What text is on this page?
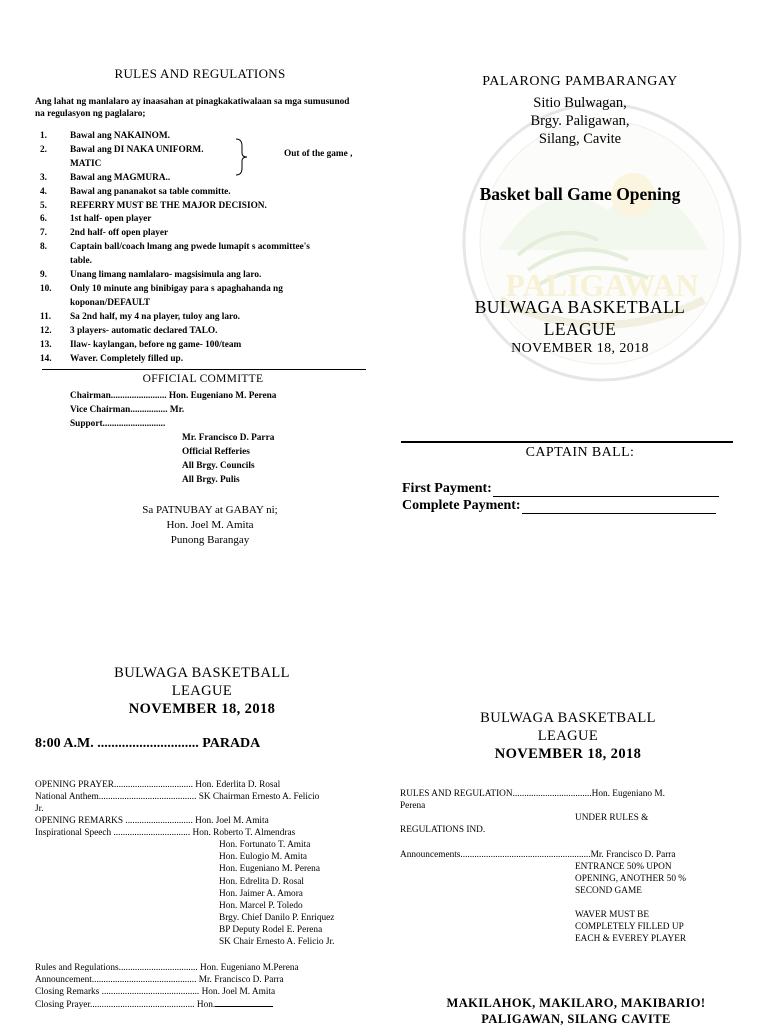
RULES AND REGULATIONS
Ang lahat ng manlalaro ay inaasahan at pinagkakatiwalaan sa mga sumusunod na regulasyon ng paglalaro;
1.	Bawal ang NAKAINOM.
2.	Bawal ang DI NAKA UNIFORM.
MATIC
3.	Bawal ang MAGMURA..
4.	Bawal ang pananakot sa table committe.
5.	REFERRY MUST BE THE MAJOR DECISION.
6.	1st half- open player
7.	2nd half- off open player
8.	Captain ball/coach lmang ang pwede lumapit s acommittee's
table.
9.	Unang limang namlalaro- magsisimula ang laro.
10.	Only 10 minute ang binibigay para s apaghahanda ng
koponan/DEFAULT
11.	Sa 2nd half, my 4 na player, tuloy ang laro.
12.	3 players- automatic declared TALO.
13.	Ilaw- kaylangan, before ng game- 100/team
14.	Waver. Completely filled up.
Out of the game ,
OFFICIAL COMMITTE
Chairman........................ Hon. Eugeniano M. Perena
Vice Chairman................ Mr.
Support...........................
Mr. Francisco D. Parra
Official Refferies
All Brgy. Councils
All Brgy. Pulis
Sa PATNUBAY at GABAY ni;
Hon. Joel M. Amita
Punong Barangay
PALIGAWAN
PALARONG PAMBARANGAY
Sitio Bulwagan,
Brgy. Paligawan,
Silang, Cavite
Basket ball Game Opening
BULWAGA BASKETBALL
LEAGUE
NOVEMBER 18, 2018
CAPTAIN BALL:
First Payment:
Complete Payment:
BULWAGA BASKETBALL
LEAGUE
NOVEMBER 18, 2018
8:00 A.M. ............................. PARADA
OPENING PRAYER.................................. Hon. Ederlita D. Rosal
National Anthem.......................................... SK Chairman Ernesto A. Felicio
Jr.
OPENING REMARKS ............................. Hon. Joel M. Amita
Inspirational Speech ................................. Hon. Roberto T. Almendras
Hon. Fortunato T. Amita
Hon. Eulogio M. Amita
Hon. Eugeniano M. Perena
Hon. Edrelita D. Rosal
Hon. Jaimer A. Amora
Hon. Marcel P. Toledo
Brgy. Chief Danilo P. Enriquez
BP Deputy Rodel E. Perena
SK Chair Ernesto A. Felicio Jr.
Rules and Regulations.................................. Hon. Eugeniano M.Perena
Announcement............................................. Mr. Francisco D. Parra
Closing Remarks .......................................... Hon. Joel M. Amita
Closing Prayer............................................. Hon.
BULWAGA BASKETBALL
LEAGUE
NOVEMBER 18, 2018
RULES AND REGULATION..................................Hon. Eugeniano M.
Perena
UNDER RULES &
REGULATIONS IND.
Announcements........................................................Mr. Francisco D. Parra
ENTRANCE 50% UPON
OPENING, ANOTHER 50 %
SECOND GAME
WAVER MUST BE
COMPLETELY FILLED UP
EACH & EVEREY PLAYER
MAKILAHOK, MAKILARO, MAKIBARIO!
PALIGAWAN, SILANG CAVITE
